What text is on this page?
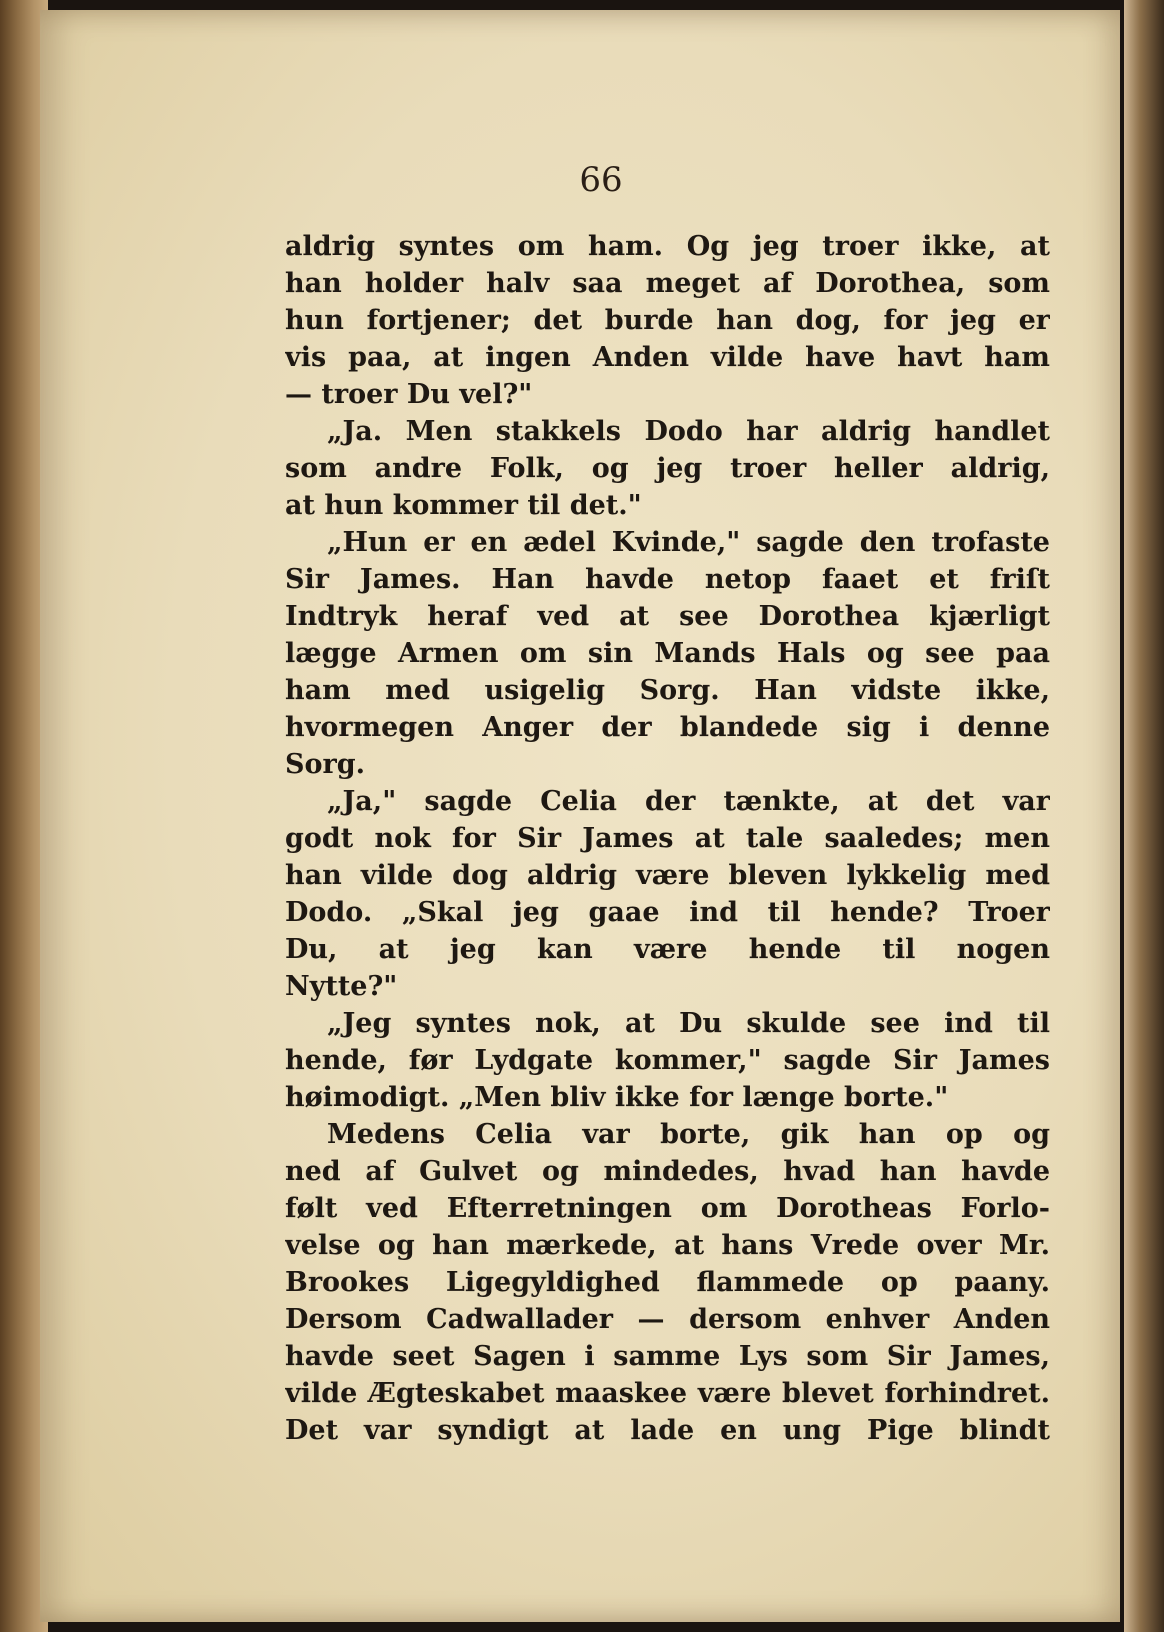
66
aldrig syntes om ham. Og jeg troer ikke, at
han holder halv saa meget af Dorothea, som
hun fortjener; det burde han dog, for jeg er
vis paa, at ingen Anden vilde have havt ham
— troer Du vel?"
„Ja. Men stakkels Dodo har aldrig handlet
som andre Folk, og jeg troer heller aldrig,
at hun kommer til det."
„Hun er en ædel Kvinde," sagde den trofaste
Sir James. Han havde netop faaet et friſt
Indtryk heraf ved at see Dorothea kjærligt
lægge Armen om sin Mands Hals og see paa
ham med usigelig Sorg. Han vidste ikke,
hvormegen Anger der blandede sig i denne
Sorg.
„Ja," sagde Celia der tænkte, at det var
godt nok for Sir James at tale saaledes; men
han vilde dog aldrig være bleven lykkelig med
Dodo. „Skal jeg gaae ind til hende? Troer
Du, at jeg kan være hende til nogen
Nytte?"
„Jeg syntes nok, at Du skulde see ind til
hende, før Lydgate kommer," sagde Sir James
høimodigt. „Men bliv ikke for længe borte."
Medens Celia var borte, gik han op og
ned af Gulvet og mindedes, hvad han havde
følt ved Efterretningen om Dorotheas Forlo-
velse og han mærkede, at hans Vrede over Mr.
Brookes Ligegyldighed flammede op paany.
Dersom Cadwallader — dersom enhver Anden
havde seet Sagen i samme Lys som Sir James,
vilde Ægteskabet maaskee være blevet forhindret.
Det var syndigt at lade en ung Pige blindt
